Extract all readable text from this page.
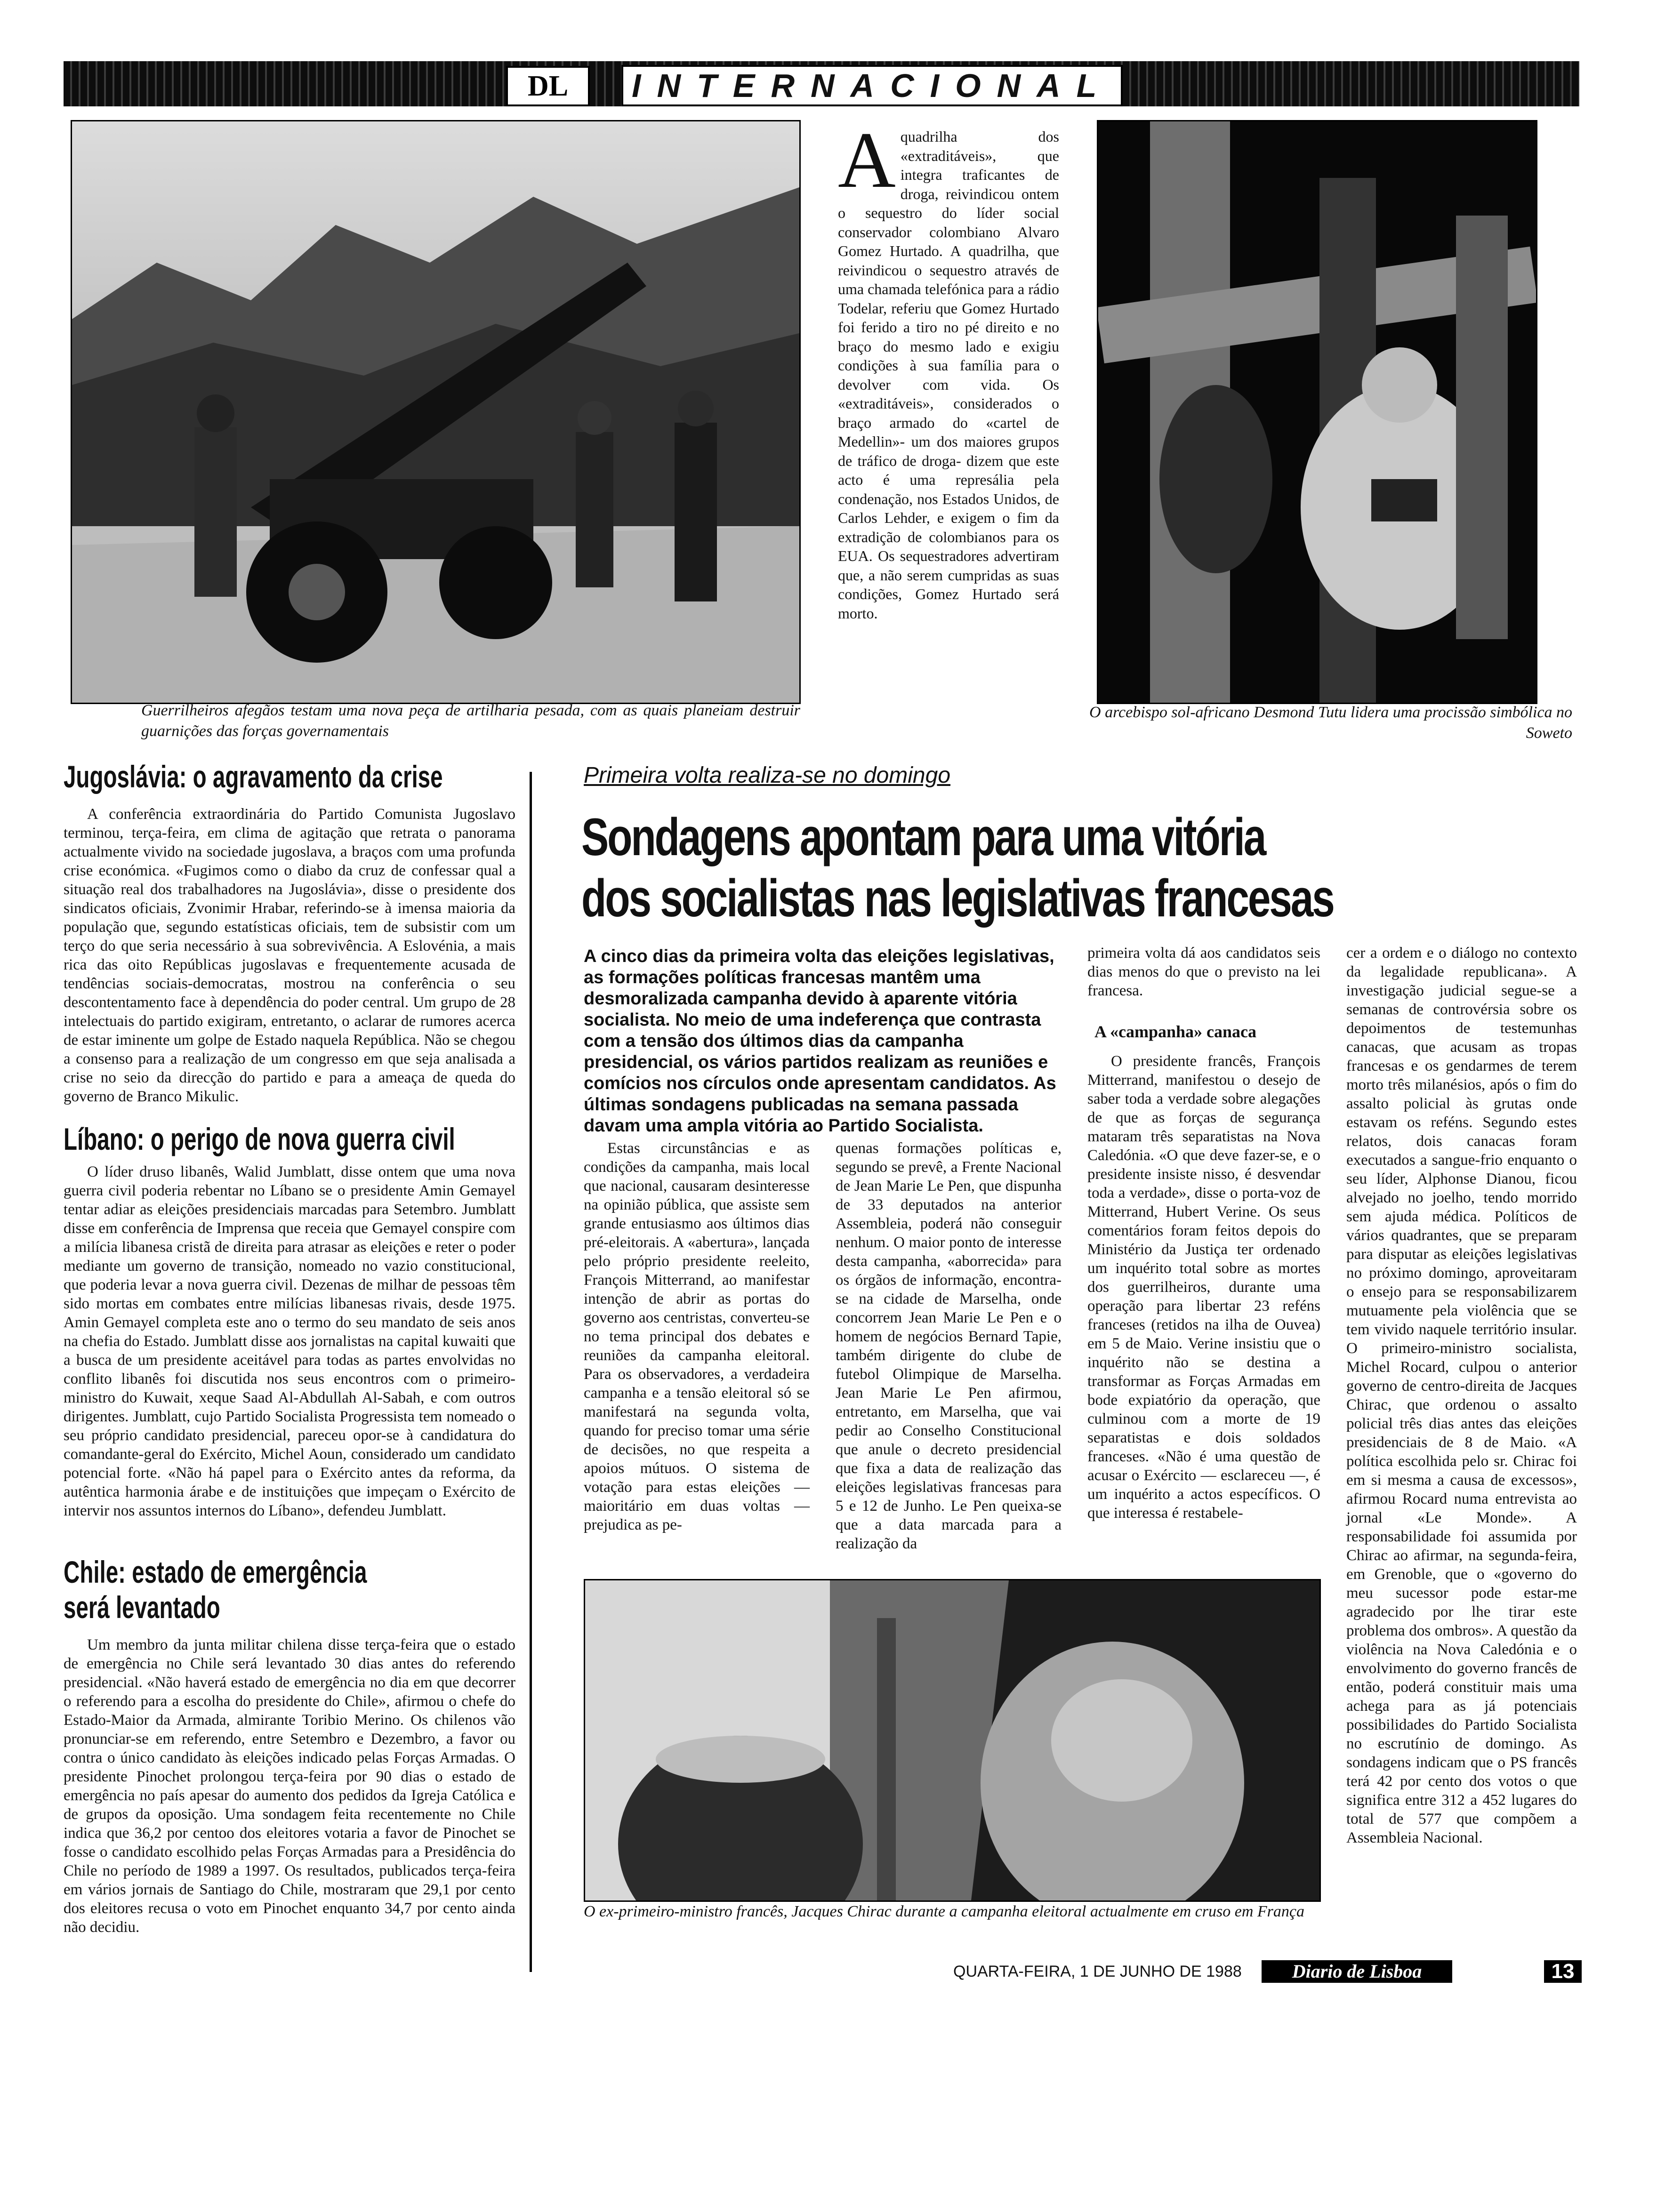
DL	INTERNACIONAL
Guerrilheiros afegãos testam uma nova peça de artilharia pesada, com as quais planeiam destruir guarnições das forças governamentais
A quadrilha dos «extraditáveis», que integra traficantes de droga, reivindicou ontem o sequestro do líder social conservador colombiano Alvaro Gomez Hurtado. A quadrilha, que reivindicou o sequestro através de uma chamada telefónica para a rádio Todelar, referiu que Gomez Hurtado foi ferido a tiro no pé direito e no braço do mesmo lado e exigiu condições à sua família para o devolver com vida. Os «extraditáveis», considerados o braço armado do «cartel de Medellin»- um dos maiores grupos de tráfico de droga- dizem que este acto é uma represália pela condenação, nos Estados Unidos, de Carlos Lehder, e exigem o fim da extradição de colombianos para os EUA. Os sequestradores advertiram que, a não serem cumpridas as suas condições, Gomez Hurtado será morto.
O arcebispo sol-africano Desmond Tutu lidera uma procissão simbólica no Soweto
Jugoslávia: o agravamento da crise
A conferência extraordinária do Partido Comunista Jugoslavo terminou, terça-feira, em clima de agitação que retrata o panorama actualmente vivido na sociedade jugoslava, a braços com uma profunda crise económica. «Fugimos como o diabo da cruz de confessar qual a situação real dos trabalhadores na Jugoslávia», disse o presidente dos sindicatos oficiais, Zvonimir Hrabar, referindo-se à imensa maioria da população que, segundo estatísticas oficiais, tem de subsistir com um terço do que seria necessário à sua sobrevivência. A Eslovénia, a mais rica das oito Repúblicas jugoslavas e frequentemente acusada de tendências sociais-democratas, mostrou na conferência o seu descontentamento face à dependência do poder central. Um grupo de 28 intelectuais do partido exigiram, entretanto, o aclarar de rumores acerca de estar iminente um golpe de Estado naquela República. Não se chegou a consenso para a realização de um congresso em que seja analisada a crise no seio da direcção do partido e para a ameaça de queda do governo de Branco Mikulic.
Líbano: o perigo de nova guerra civil
O líder druso libanês, Walid Jumblatt, disse ontem que uma nova guerra civil poderia rebentar no Líbano se o presidente Amin Gemayel tentar adiar as eleições presidenciais marcadas para Setembro. Jumblatt disse em conferência de Imprensa que receia que Gemayel conspire com a milícia libanesa cristã de direita para atrasar as eleições e reter o poder mediante um governo de transição, nomeado no vazio constitucional, que poderia levar a nova guerra civil. Dezenas de milhar de pessoas têm sido mortas em combates entre milícias libanesas rivais, desde 1975. Amin Gemayel completa este ano o termo do seu mandato de seis anos na chefia do Estado. Jumblatt disse aos jornalistas na capital kuwaiti que a busca de um presidente aceitável para todas as partes envolvidas no conflito libanês foi discutida nos seus encontros com o primeiro-ministro do Kuwait, xeque Saad Al-Abdullah Al-Sabah, e com outros dirigentes. Jumblatt, cujo Partido Socialista Progressista tem nomeado o seu próprio candidato presidencial, pareceu opor-se à candidatura do comandante-geral do Exército, Michel Aoun, considerado um candidato potencial forte. «Não há papel para o Exército antes da reforma, da autêntica harmonia árabe e de instituições que impeçam o Exército de intervir nos assuntos internos do Líbano», defendeu Jumblatt.
Chile: estado de emergência
será levantado
Um membro da junta militar chilena disse terça-feira que o estado de emergência no Chile será levantado 30 dias antes do referendo presidencial. «Não haverá estado de emergência no dia em que decorrer o referendo para a escolha do presidente do Chile», afirmou o chefe do Estado-Maior da Armada, almirante Toribio Merino. Os chilenos vão pronunciar-se em referendo, entre Setembro e Dezembro, a favor ou contra o único candidato às eleições indicado pelas Forças Armadas. O presidente Pinochet prolongou terça-feira por 90 dias o estado de emergência no país apesar do aumento dos pedidos da Igreja Católica e de grupos da oposição. Uma sondagem feita recentemente no Chile indica que 36,2 por centoo dos eleitores votaria a favor de Pinochet se fosse o candidato escolhido pelas Forças Armadas para a Presidência do Chile no período de 1989 a 1997. Os resultados, publicados terça-feira em vários jornais de Santiago do Chile, mostraram que 29,1 por cento dos eleitores recusa o voto em Pinochet enquanto 34,7 por cento ainda não decidiu.
Primeira volta realiza-se no domingo
Sondagens apontam para uma vitória
dos socialistas nas legislativas francesas
A cinco dias da primeira volta das eleições legislativas, as formações políticas francesas mantêm uma desmoralizada campanha devido à aparente vitória socialista. No meio de uma indeferença que contrasta com a tensão dos últimos dias da campanha presidencial, os vários partidos realizam as reuniões e comícios nos círculos onde apresentam candidatos. As últimas sondagens publicadas na semana passada davam uma ampla vitória ao Partido Socialista.
Estas circunstâncias e as condições da campanha, mais local que nacional, causaram desinteresse na opinião pública, que assiste sem grande entusiasmo aos últimos dias pré-eleitorais. A «abertura», lançada pelo próprio presidente reeleito, François Mitterrand, ao manifestar intenção de abrir as portas do governo aos centristas, converteu-se no tema principal dos debates e reuniões da campanha eleitoral. Para os observadores, a verdadeira campanha e a tensão eleitoral só se manifestará na segunda volta, quando for preciso tomar uma série de decisões, no que respeita a apoios mútuos. O sistema de votação para estas eleições — maioritário em duas voltas — prejudica as pe-
quenas formações políticas e, segundo se prevê, a Frente Nacional de Jean Marie Le Pen, que dispunha de 33 deputados na anterior Assembleia, poderá não conseguir nenhum. O maior ponto de interesse desta campanha, «aborrecida» para os órgãos de informação, encontra-se na cidade de Marselha, onde concorrem Jean Marie Le Pen e o homem de negócios Bernard Tapie, também dirigente do clube de futebol Olimpique de Marselha. Jean Marie Le Pen afirmou, entretanto, em Marselha, que vai pedir ao Conselho Constitucional que anule o decreto presidencial que fixa a data de realização das eleições legislativas francesas para 5 e 12 de Junho. Le Pen queixa-se que a data marcada para a realização da
primeira volta dá aos candidatos seis dias menos do que o previsto na lei francesa.
A «campanha» canaca
O presidente francês, François Mitterrand, manifestou o desejo de saber toda a verdade sobre alegações de que as forças de segurança mataram três separatistas na Nova Caledónia. «O que deve fazer-se, e o presidente insiste nisso, é desvendar toda a verdade», disse o porta-voz de Mitterrand, Hubert Verine. Os seus comentários foram feitos depois do Ministério da Justiça ter ordenado um inquérito total sobre as mortes dos guerrilheiros, durante uma operação para libertar 23 reféns franceses (retidos na ilha de Ouvea) em 5 de Maio. Verine insistiu que o inquérito não se destina a transformar as Forças Armadas em bode expiatório da operação, que culminou com a morte de 19 separatistas e dois soldados franceses. «Não é uma questão de acusar o Exército — esclareceu —, é um inquérito a actos específicos. O que interessa é restabele-
cer a ordem e o diálogo no contexto da legalidade republicana». A investigação judicial segue-se a semanas de controvérsia sobre os depoimentos de testemunhas canacas, que acusam as tropas francesas e os gendarmes de terem morto três milanésios, após o fim do assalto policial às grutas onde estavam os reféns. Segundo estes relatos, dois canacas foram executados a sangue-frio enquanto o seu líder, Alphonse Dianou, ficou alvejado no joelho, tendo morrido sem ajuda médica. Políticos de vários quadrantes, que se preparam para disputar as eleições legislativas no próximo domingo, aproveitaram o ensejo para se responsabilizarem mutuamente pela violência que se tem vivido naquele território insular. O primeiro-ministro socialista, Michel Rocard, culpou o anterior governo de centro-direita de Jacques Chirac, que ordenou o assalto policial três dias antes das eleições presidenciais de 8 de Maio. «A política escolhida pelo sr. Chirac foi em si mesma a causa de excessos», afirmou Rocard numa entrevista ao jornal «Le Monde». A responsabilidade foi assumida por Chirac ao afirmar, na segunda-feira, em Grenoble, que o «governo do meu sucessor pode estar-me agradecido por lhe tirar este problema dos ombros». A questão da violência na Nova Caledónia e o envolvimento do governo francês de então, poderá constituir mais uma achega para as já potenciais possibilidades do Partido Socialista no escrutínio de domingo. As sondagens indicam que o PS francês terá 42 por cento dos votos o que significa entre 312 a 452 lugares do total de 577 que compõem a Assembleia Nacional.
O ex-primeiro-ministro francês, Jacques Chirac durante a campanha eleitoral actualmente em cruso em França
QUARTA-FEIRA, 1 DE JUNHO DE 1988	Diario de Lisboa	13
